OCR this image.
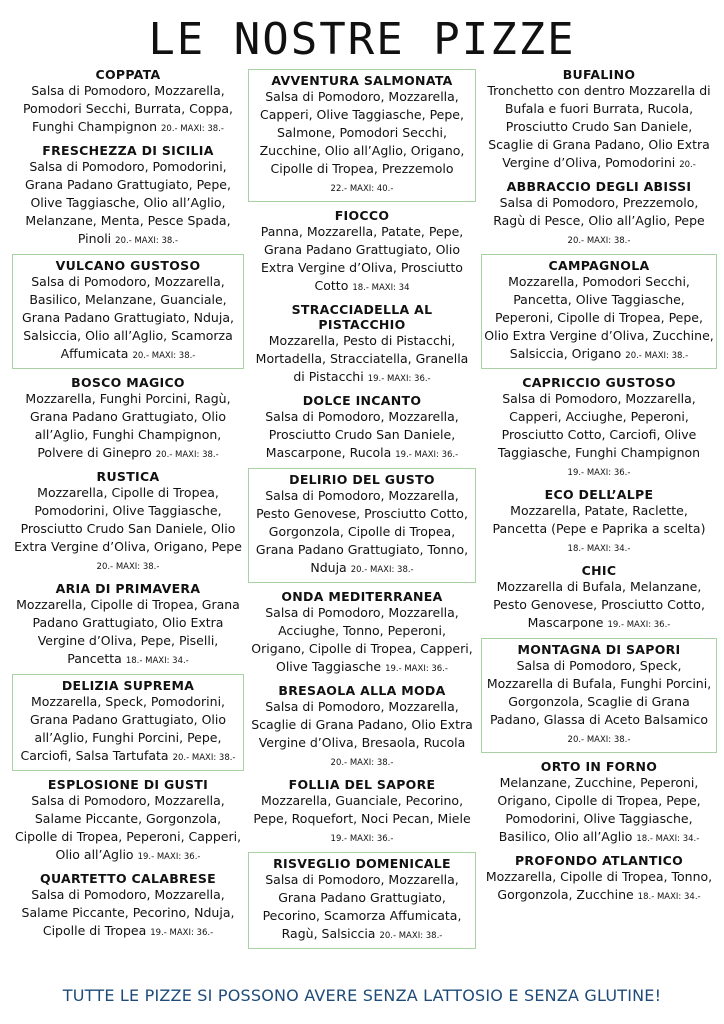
LE NOSTRE PIZZE
COPPATA
Salsa di Pomodoro, Mozzarella, Pomodori Secchi, Burrata, Coppa, Funghi Champignon 20.- MAXI: 38.-
FRESCHEZZA DI SICILIA
Salsa di Pomodoro, Pomodorini, Grana Padano Grattugiato, Pepe, Olive Taggiasche, Olio all’Aglio, Melanzane, Menta, Pesce Spada, Pinoli 20.- MAXI: 38.-
VULCANO GUSTOSO
Salsa di Pomodoro, Mozzarella, Basilico, Melanzane, Guanciale, Grana Padano Grattugiato, Nduja, Salsiccia, Olio all’Aglio, Scamorza Affumicata 20.- MAXI: 38.-
BOSCO MAGICO
Mozzarella, Funghi Porcini, Ragù, Grana Padano Grattugiato, Olio all’Aglio, Funghi Champignon, Polvere di Ginepro 20.- MAXI: 38.-
RUSTICA
Mozzarella, Cipolle di Tropea, Pomodorini, Olive Taggiasche, Prosciutto Crudo San Daniele, Olio Extra Vergine d’Oliva, Origano, Pepe 20.- MAXI: 38.-
ARIA DI PRIMAVERA
Mozzarella, Cipolle di Tropea, Grana Padano Grattugiato, Olio Extra Vergine d’Oliva, Pepe, Piselli, Pancetta 18.- MAXI: 34.-
DELIZIA SUPREMA
Mozzarella, Speck, Pomodorini, Grana Padano Grattugiato, Olio all’Aglio, Funghi Porcini, Pepe, Carciofi, Salsa Tartufata 20.- MAXI: 38.-
ESPLOSIONE DI GUSTI
Salsa di Pomodoro, Mozzarella, Salame Piccante, Gorgonzola, Cipolle di Tropea, Peperoni, Capperi, Olio all’Aglio 19.- MAXI: 36.-
QUARTETTO CALABRESE
Salsa di Pomodoro, Mozzarella, Salame Piccante, Pecorino, Nduja, Cipolle di Tropea 19.- MAXI: 36.-
AVVENTURA SALMONATA
Salsa di Pomodoro, Mozzarella, Capperi, Olive Taggiasche, Pepe, Salmone, Pomodori Secchi, Zucchine, Olio all’Aglio, Origano, Cipolle di Tropea, Prezzemolo 22.- MAXI: 40.-
FIOCCO
Panna, Mozzarella, Patate, Pepe, Grana Padano Grattugiato, Olio Extra Vergine d’Oliva, Prosciutto Cotto 18.- MAXI: 34
STRACCIADELLA AL PISTACCHIO
Mozzarella, Pesto di Pistacchi, Mortadella, Stracciatella, Granella di Pistacchi 19.- MAXI: 36.-
DOLCE INCANTO
Salsa di Pomodoro, Mozzarella, Prosciutto Crudo San Daniele, Mascarpone, Rucola 19.- MAXI: 36.-
DELIRIO DEL GUSTO
Salsa di Pomodoro, Mozzarella, Pesto Genovese, Prosciutto Cotto, Gorgonzola, Cipolle di Tropea, Grana Padano Grattugiato, Tonno, Nduja 20.- MAXI: 38.-
ONDA MEDITERRANEA
Salsa di Pomodoro, Mozzarella, Acciughe, Tonno, Peperoni, Origano, Cipolle di Tropea, Capperi, Olive Taggiasche 19.- MAXI: 36.-
BRESAOLA ALLA MODA
Salsa di Pomodoro, Mozzarella, Scaglie di Grana Padano, Olio Extra Vergine d’Oliva, Bresaola, Rucola 20.- MAXI: 38.-
FOLLIA DEL SAPORE
Mozzarella, Guanciale, Pecorino, Pepe, Roquefort, Noci Pecan, Miele 19.- MAXI: 36.-
RISVEGLIO DOMENICALE
Salsa di Pomodoro, Mozzarella, Grana Padano Grattugiato, Pecorino, Scamorza Affumicata, Ragù, Salsiccia 20.- MAXI: 38.-
BUFALINO
Tronchetto con dentro Mozzarella di Bufala e fuori Burrata, Rucola, Prosciutto Crudo San Daniele, Scaglie di Grana Padano, Olio Extra Vergine d’Oliva, Pomodorini 20.-
ABBRACCIO DEGLI ABISSI
Salsa di Pomodoro, Prezzemolo, Ragù di Pesce, Olio all’Aglio, Pepe 20.- MAXI: 38.-
CAMPAGNOLA
Mozzarella, Pomodori Secchi, Pancetta, Olive Taggiasche, Peperoni, Cipolle di Tropea, Pepe, Olio Extra Vergine d’Oliva, Zucchine, Salsiccia, Origano 20.- MAXI: 38.-
CAPRICCIO GUSTOSO
Salsa di Pomodoro, Mozzarella, Capperi, Acciughe, Peperoni, Prosciutto Cotto, Carciofi, Olive Taggiasche, Funghi Champignon 19.- MAXI: 36.-
ECO DELL’ALPE
Mozzarella, Patate, Raclette, Pancetta (Pepe e Paprika a scelta) 18.- MAXI: 34.-
CHIC
Mozzarella di Bufala, Melanzane, Pesto Genovese, Prosciutto Cotto, Mascarpone 19.- MAXI: 36.-
MONTAGNA DI SAPORI
Salsa di Pomodoro, Speck, Mozzarella di Bufala, Funghi Porcini, Gorgonzola, Scaglie di Grana Padano, Glassa di Aceto Balsamico 20.- MAXI: 38.-
ORTO IN FORNO
Melanzane, Zucchine, Peperoni, Origano, Cipolle di Tropea, Pepe, Pomodorini, Olive Taggiasche, Basilico, Olio all’Aglio 18.- MAXI: 34.-
PROFONDO ATLANTICO
Mozzarella, Cipolle di Tropea, Tonno, Gorgonzola, Zucchine 18.- MAXI: 34.-
TUTTE LE PIZZE SI POSSONO AVERE SENZA LATTOSIO E SENZA GLUTINE!
